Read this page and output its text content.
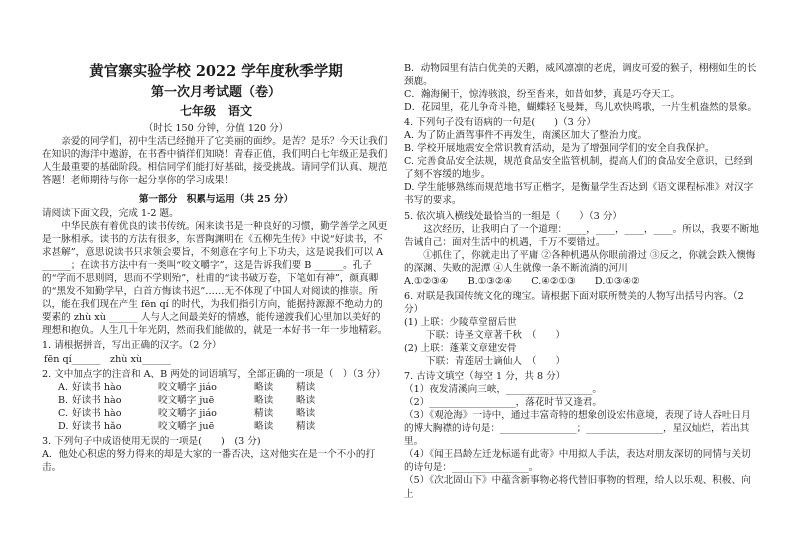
黄官寨实验学校 2022 学年度秋季学期
第一次月考试题（卷）
七年级　语文
（时长 150 分钟，分值 120 分）

亲爱的同学们，初中生活已经抛开了它美丽的面纱。是苦？是乐？今天让我们在知识的海洋中遨游，在书香中徜徉们知晓！青春正值，我们明白七年级正是我们人生最重要的基础阶段。相信同学们能打好基础，接受挑战。请同学们认真、规范答题！老师期待与你一起分享你的学习成果！

第一部分　积累与运用（共 25 分）

请阅读下面文段，完成 1-2 题。

中华民族有着优良的读书传统。闲来读书是一种良好的习惯，勤学善学之风更是一脉相承。读书的方法有很多，东晋陶渊明在《五柳先生传》中说“好读书，不求甚解”，意思说读书只求领会要旨，不刻意在字句上下功夫，这是说我们可以 A ______；在读书方法中有一类叫“咬文嚼字”，这是告诉我们要 B ______。孔子的“学而不思则罔，思而不学则殆”，杜甫的“读书破万卷，下笔如有神”，颜真卿的“黑发不知勤学早，白首方悔读书迟”……无不体现了中国人对阅读的推崇。所以，能在我们现在产生 fēn qí 的时代，为我们指引方向，能据持源源不绝动力的要素的 zhù xù ______ 人与人之间最美好的情感，能传递渡我们心里加以美好的理想和抱负。人生几十年光阴，然而我们能做的，就是一本好书一年一步地精彩。

1. 请根据拼音，写出正确的汉字。（2 分）

fēn qí______　zhù xù______

2. 文中加点字的注音和 A、B 两处的词语填写，全部正确的一项是（　）（3 分）

A. 好读书 hào	咬文嚼字 jiáo	略读	精读
B. 好读书 hào	咬文嚼字 juē	略读	略读
C. 好读书 hào	咬文嚼字 jiáo	精读	略读
D. 好读书 hǎo	咬文嚼字 juē	略读	精读

3. 下列句子中成语使用无误的一项是(　　)　(3 分)

A．他处心积虑的努力得来的却是大家的一番否决，这对他实在是一个不小的打击。

B．动物园里有洁白优美的天鹅，威风凛凛的老虎，调皮可爱的猴子，栩栩如生的长颈鹿。

C．瀚海阑干，惊涛骇浪，纷至沓来，如昔如梦，真是巧夺天工。

D．花园里，花儿争奇斗艳，蝴蝶轻飞曼舞，鸟儿欢快鸣歌，一片生机盎然的景象。

4. 下列句子没有语病的一句是(　　)（3 分）

A. 为了防止酒驾事件不再发生，南溪区加大了整治力度。

B. 学校开展地震安全常识教育活动，是为了增强同学们的安全自我保护。

C. 完善食品安全法规，规范食品安全监管机制，提高人们的食品安全意识，已经到了刻不容缓的地步。

D. 学生能够熟练而规范地书写正楷字，是衡量学生否达到《语文课程标准》对汉字书写的要求。

5. 依次填入横线处最恰当的一组是（　　）（3 分）

这次经历，让我明白了一个道理：____，____，____，____。所以，我要不断地告诫自己：面对生活中的机遇，千万不要错过。

①抓住了，你就走出了平庸 ②各种机遇从你眼前滑过 ③反之，你就会跌入懊悔的深渊、失败的泥潭 ④人生就像一条不断流淌的河川

A.①②③④　　B.①③②④　　C.④②①③　　D.①③④②

6. 对联是我国传统文化的瑰宝。请根据下面对联所赞美的人物写出括号内容。（2 分）

(1) 上联：少陵草堂留后世

下联：诗圣文章著千秋　（　　）

(2) 上联：蓬莱文章建安骨

下联：青莲居士谪仙人　（　　）

7. 古诗文填空（每空 1 分，共 8 分）

（1）夜发清溪向三峡，__________________。

（2）__________________，落花时节又逢君。

（3）《观沧海》一诗中，通过丰富奇特的想象创设宏伟意境，表现了诗人吞吐日月的博大胸襟的诗句是：________________；________________，星汉灿烂，若出其里。

（4）《闻王昌龄左迁龙标遥有此寄》中用拟人手法，表达对朋友深切的同情与关切的诗句是：________________。

（5）《次北固山下》中蕴含新事物必将代替旧事物的哲理，给人以乐观、积极、向上
